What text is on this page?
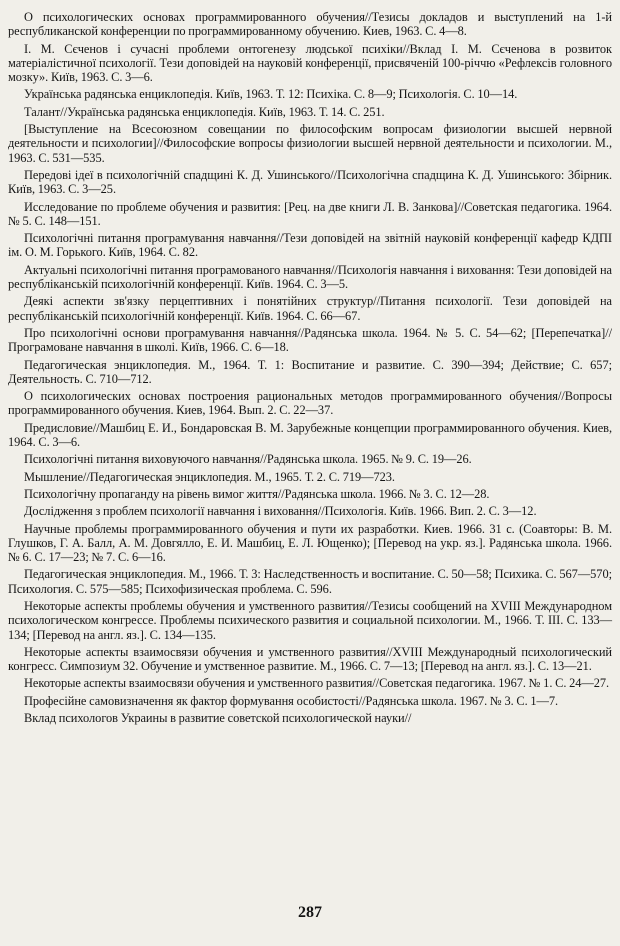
О психологических основах программированного обучения//Тезисы докладов и выступлений на 1-й республиканской конференции по программированному обучению. Киев, 1963. С. 4—8.

І. М. Сєченов і сучасні проблеми онтогенезу людської психіки//Вклад І. М. Сєченова в розвиток матеріалістичної психології. Тези доповідей на науковій конференції, присвяченій 100-річчю «Рефлексів головного мозку». Київ, 1963. С. 3—6.

Українська радянська енциклопедія. Київ, 1963. Т. 12: Психіка. С. 8—9; Психологія. С. 10—14.

Талант//Українська радянська енциклопедія. Київ, 1963. Т. 14. С. 251.

[Выступление на Всесоюзном совещании по философским вопросам физиологии высшей нервной деятельности и психологии]//Философские вопросы физиологии высшей нервной деятельности и психологии. М., 1963. С. 531—535.

Передові ідеї в психологічній спадщині К. Д. Ушинського//Психологічна спадщина К. Д. Ушинського: Збірник. Київ, 1963. С. 3—25.

Исследование по проблеме обучения и развития: [Рец. на две книги Л. В. Занкова]//Советская педагогика. 1964. № 5. С. 148—151.

Психологічні питання програмування навчання//Тези доповідей на звітній науковій конференції кафедр КДПІ ім. О. М. Горького. Київ, 1964. С. 82.

Актуальні психологічні питання програмованого навчання//Психологія навчання і виховання: Тези доповідей на республіканській психологічній конференції. Київ. 1964. С. 3—5.

Деякі аспекти зв'язку перцептивних і понятійних структур//Питання психології. Тези доповідей на республіканській психологічній конференції. Київ. 1964. С. 66—67.

Про психологічні основи програмування навчання//Радянська школа. 1964. № 5. С. 54—62; [Перепечатка]//Програмоване навчання в школі. Київ, 1966. С. 6—18.

Педагогическая энциклопедия. М., 1964. Т. 1: Воспитание и развитие. С. 390—394; Действие; С. 657; Деятельность. С. 710—712.

О психологических основах построения рациональных методов программированного обучения//Вопросы программированного обучения. Киев, 1964. Вып. 2. С. 22—37.

Предисловие//Машбиц Е. И., Бондаровская В. М. Зарубежные концепции программированного обучения. Киев, 1964. С. 3—6.

Психологічні питання виховуючого навчання//Радянська школа. 1965. № 9. С. 19—26.

Мышление//Педагогическая энциклопедия. М., 1965. Т. 2. С. 719—723.

Психологічну пропаганду на рівень вимог життя//Радянська школа. 1966. № 3. С. 12—28.

Дослідження з проблем психології навчання і виховання//Психологія. Київ. 1966. Вип. 2. С. 3—12.

Научные проблемы программированного обучения и пути их разработки. Киев. 1966. 31 с. (Соавторы: В. М. Глушков, Г. А. Балл, А. М. Довгялло, Е. И. Машбиц, Е. Л. Ющенко); [Перевод на укр. яз.]. Радянська школа. 1966. № 6. С. 17—23; № 7. С. 6—16.

Педагогическая энциклопедия. М., 1966. Т. 3: Наследственность и воспитание. С. 50—58; Психика. С. 567—570; Психология. С. 575—585; Психофизическая проблема. С. 596.

Некоторые аспекты проблемы обучения и умственного развития//Тезисы сообщений на XVIII Международном психологическом конгрессе. Проблемы психического развития и социальной психологии. М., 1966. Т. III. С. 133—134; [Перевод на англ. яз.]. С. 134—135.

Некоторые аспекты взаимосвязи обучения и умственного развития//XVIII Международный психологический конгресс. Симпозиум 32. Обучение и умственное развитие. М., 1966. С. 7—13; [Перевод на англ. яз.]. С. 13—21.

Некоторые аспекты взаимосвязи обучения и умственного развития//Советская педагогика. 1967. № 1. С. 24—27.

Професійне самовизначення як фактор формування особистості//Радянська школа. 1967. № 3. С. 1—7.

Вклад психологов Украины в развитие советской психологической науки//

287
